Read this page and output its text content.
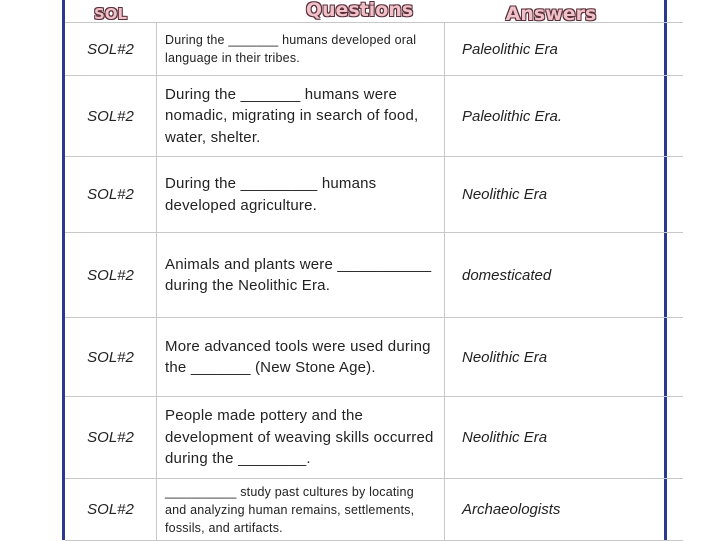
SOL	Questions	Answers
SOL#2	During the _______ humans developed oral language in their tribes.	Paleolithic Era
SOL#2	During the _______ humans were nomadic, migrating in search of food, water, shelter.	Paleolithic Era.
SOL#2	During the _________ humans developed agriculture.	Neolithic Era
SOL#2	Animals and plants were ___________ during the Neolithic Era.	domesticated
SOL#2	More advanced tools were used during the _______ (New Stone Age).	Neolithic Era
SOL#2	People made pottery and the development of weaving skills occurred during the ________.	Neolithic Era
SOL#2	__________ study past cultures by locating and analyzing human remains, settlements, fossils, and artifacts.	Archaeologists
